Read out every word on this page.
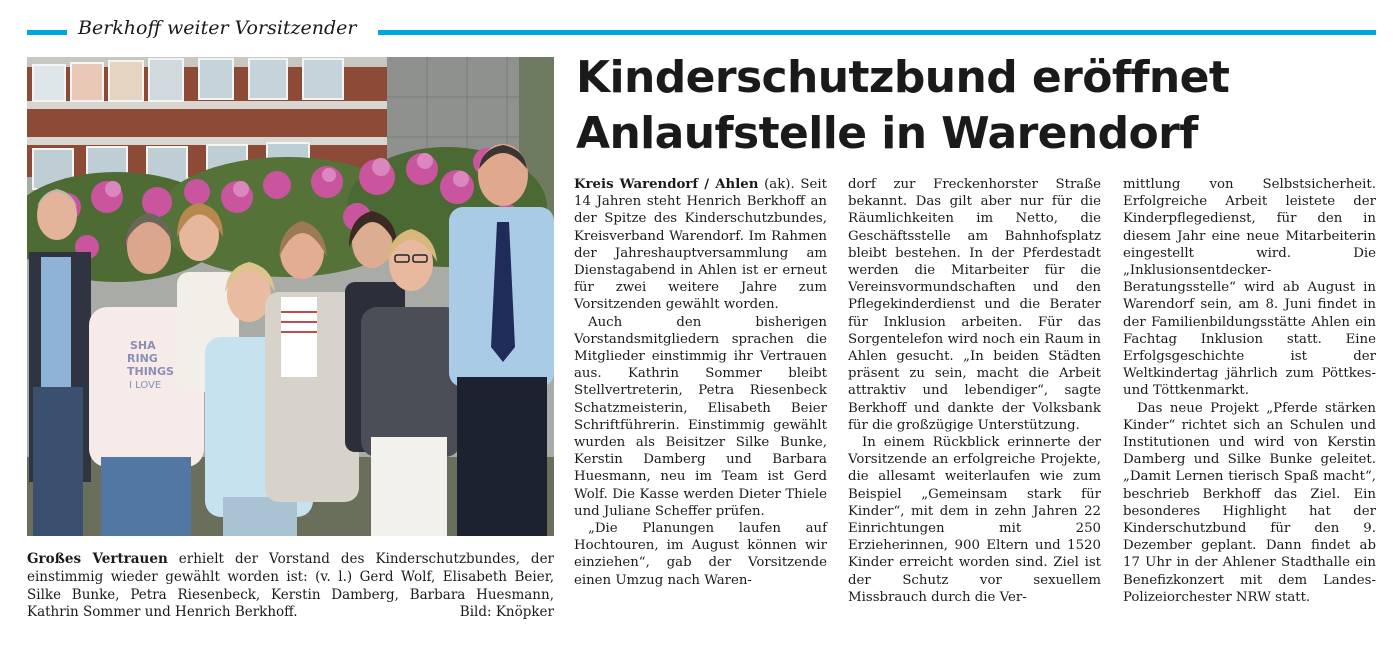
Berkhoff weiter Vorsitzender
SHA
RING
THINGS
I LOVE
Großes Vertrauen erhielt der Vorstand des Kinderschutzbundes, der einstimmig wieder gewählt worden ist: (v. l.) Gerd Wolf, Elisabeth Beier, Silke Bunke, Petra Riesenbeck, Kerstin Damberg, Barbara Huesmann, Kathrin Sommer und Henrich Berkhoff.	Bild: Knöpker
Kinderschutzbund eröffnet
Anlaufstelle in Warendorf

Kreis Warendorf / Ahlen (ak). Seit 14 Jahren steht Henrich Berkhoff an der Spitze des Kinderschutzbundes, Kreisverband Warendorf. Im Rahmen der Jahreshauptversammlung am Dienstagabend in Ahlen ist er erneut für zwei weitere Jahre zum Vorsitzenden gewählt worden.

Auch den bisherigen Vorstandsmitgliedern sprachen die Mitglieder einstimmig ihr Vertrauen aus. Kathrin Sommer bleibt Stellvertreterin, Petra Riesenbeck Schatzmeisterin, Elisabeth Beier Schriftführerin. Einstimmig gewählt wurden als Beisitzer Silke Bunke, Kerstin Damberg und Barbara Huesmann, neu im Team ist Gerd Wolf. Die Kasse werden Dieter Thiele und Juliane Scheffer prüfen.

„Die Planungen laufen auf Hochtouren, im August können wir einziehen“, gab der Vorsitzende einen Umzug nach Waren-

dorf zur Freckenhorster Straße bekannt. Das gilt aber nur für die Räumlichkeiten im Netto, die Geschäftsstelle am Bahnhofsplatz bleibt bestehen. In der Pferdestadt werden die Mitarbeiter für die Vereinsvormundschaften und den Pflegekinderdienst und die Berater für Inklusion arbeiten. Für das Sorgentelefon wird noch ein Raum in Ahlen gesucht. „In beiden Städten präsent zu sein, macht die Arbeit attraktiv und lebendiger“, sagte Berkhoff und dankte der Volksbank für die großzügige Unterstützung.

In einem Rückblick erinnerte der Vorsitzende an erfolgreiche Projekte, die allesamt weiterlaufen wie zum Beispiel „Gemeinsam stark für Kinder“, mit dem in zehn Jahren 22 Einrichtungen mit 250 Erzieherinnen, 900 Eltern und 1520 Kinder erreicht worden sind. Ziel ist der Schutz vor sexuellem Missbrauch durch die Ver-

mittlung von Selbstsicherheit. Erfolgreiche Arbeit leistete der Kinderpflegedienst, für den in diesem Jahr eine neue Mitarbeiterin eingestellt wird. Die „Inklusionsentdecker-Beratungsstelle“ wird ab August in Warendorf sein, am 8. Juni findet in der Familienbildungsstätte Ahlen ein Fachtag Inklusion statt. Eine Erfolgsgeschichte ist der Weltkindertag jährlich zum Pöttkes-und Töttkenmarkt.

Das neue Projekt „Pferde stärken Kinder“ richtet sich an Schulen und Institutionen und wird von Kerstin Damberg und Silke Bunke geleitet. „Damit Lernen tierisch Spaß macht“, beschrieb Berkhoff das Ziel. Ein besonderes Highlight hat der Kinderschutzbund für den 9. Dezember geplant. Dann findet ab 17 Uhr in der Ahlener Stadthalle ein Benefizkonzert mit dem Landes-Polizeiorchester NRW statt.
